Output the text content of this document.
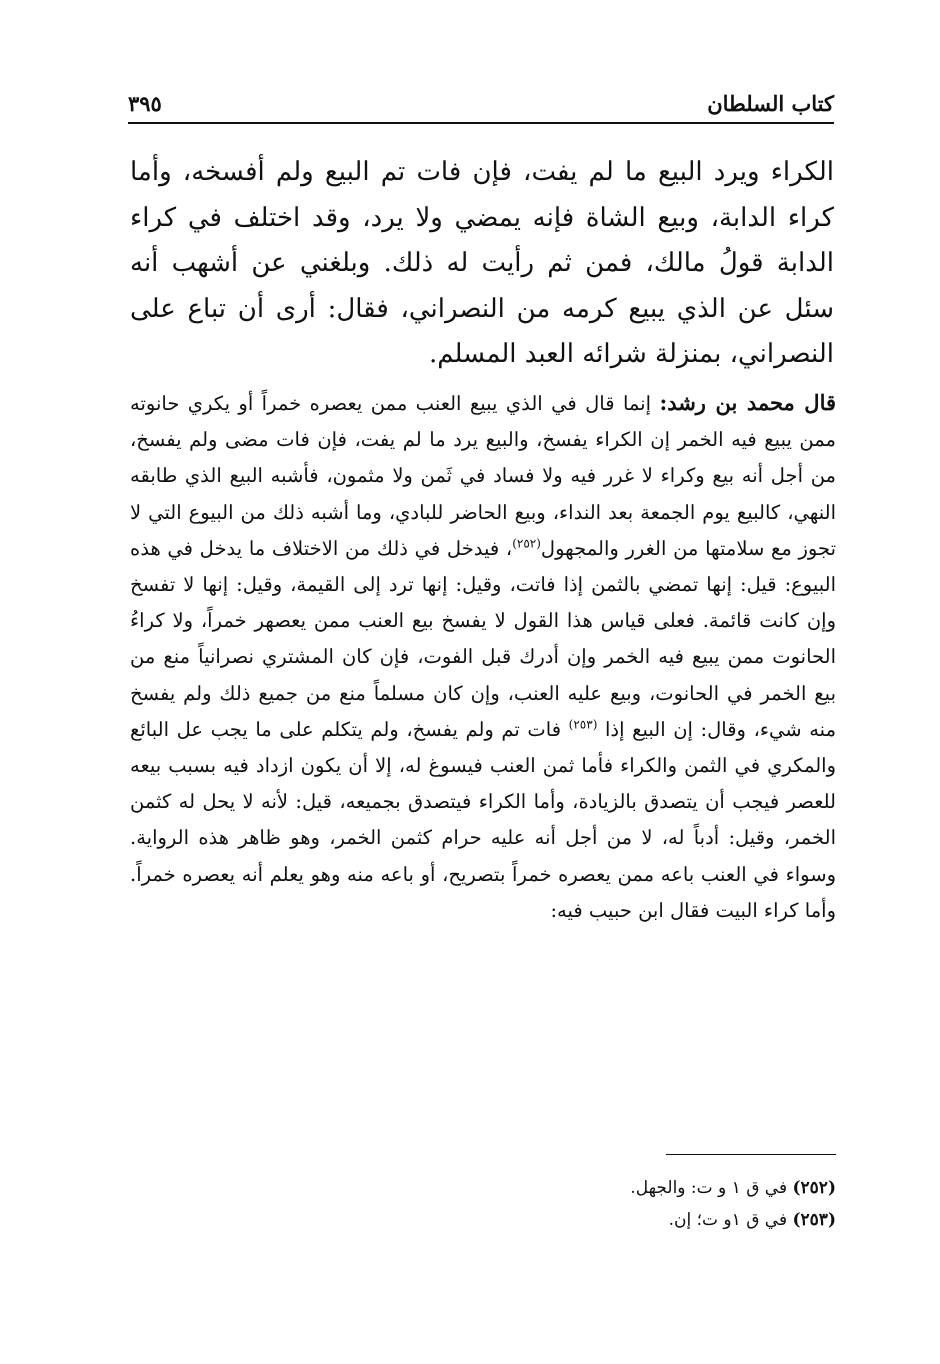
كتاب السلطان
٣٩٥

الكراء ويرد البيع ما لم يفت، فإن فات تم البيع ولم أفسخه، وأما كراء الدابة، وبيع الشاة فإنه يمضي ولا يرد، وقد اختلف في كراء الدابة قولُ مالك، فمن ثم رأيت له ذلك. وبلغني عن أشهب أنه سئل عن الذي يبيع كرمه من النصراني، فقال: أرى أن تباع على النصراني، بمنزلة شرائه العبد المسلم.

قال محمد بن رشد: إنما قال في الذي يبيع العنب ممن يعصره خمراً أو يكري حانوته ممن يبيع فيه الخمر إن الكراء يفسخ، والبيع يرد ما لم يفت، فإن فات مضى ولم يفسخ، من أجل أنه بيع وكراء لا غرر فيه ولا فساد في ثَمن ولا مثمون، فأشبه البيع الذي طابقه النهي، كالبيع يوم الجمعة بعد النداء، وبيع الحاضر للبادي، وما أشبه ذلك من البيوع التي لا تجوز مع سلامتها من الغرر والمجهول$^{(٢٥٢)}$، فيدخل في ذلك من الاختلاف ما يدخل في هذه البيوع: قيل: إنها تمضي بالثمن إذا فاتت، وقيل: إنها ترد إلى القيمة، وقيل: إنها لا تفسخ وإن كانت قائمة. فعلى قياس هذا القول لا يفسخ بيع العنب ممن يعصهر خمراً، ولا كراءُ الحانوت ممن يبيع فيه الخمر وإن أدرك قبل الفوت، فإن كان المشتري نصرانياً منع من بيع الخمر في الحانوت، وبيع عليه العنب، وإن كان مسلماً منع من جميع ذلك ولم يفسخ منه شيء، وقال: إن البيع إذا $^{(٢٥٣)}$ فات تم ولم يفسخ، ولم يتكلم على ما يجب عل البائع والمكري في الثمن والكراء فأما ثمن العنب فيسوغ له، إلا أن يكون ازداد فيه بسبب بيعه للعصر فيجب أن يتصدق بالزيادة، وأما الكراء فيتصدق بجميعه، قيل: لأنه لا يحل له كثمن الخمر، وقيل: أدباً له، لا من أجل أنه عليه حرام كثمن الخمر، وهو ظاهر هذه الرواية. وسواء في العنب باعه ممن يعصره خمراً بتصريح، أو باعه منه وهو يعلم أنه يعصره خمراً. وأما كراء البيت فقال ابن حبيب فيه:

(٢٥٢) في ق ١ و ت: والجهل.
(٢٥٣) في ق ١و ت؛ إن.
